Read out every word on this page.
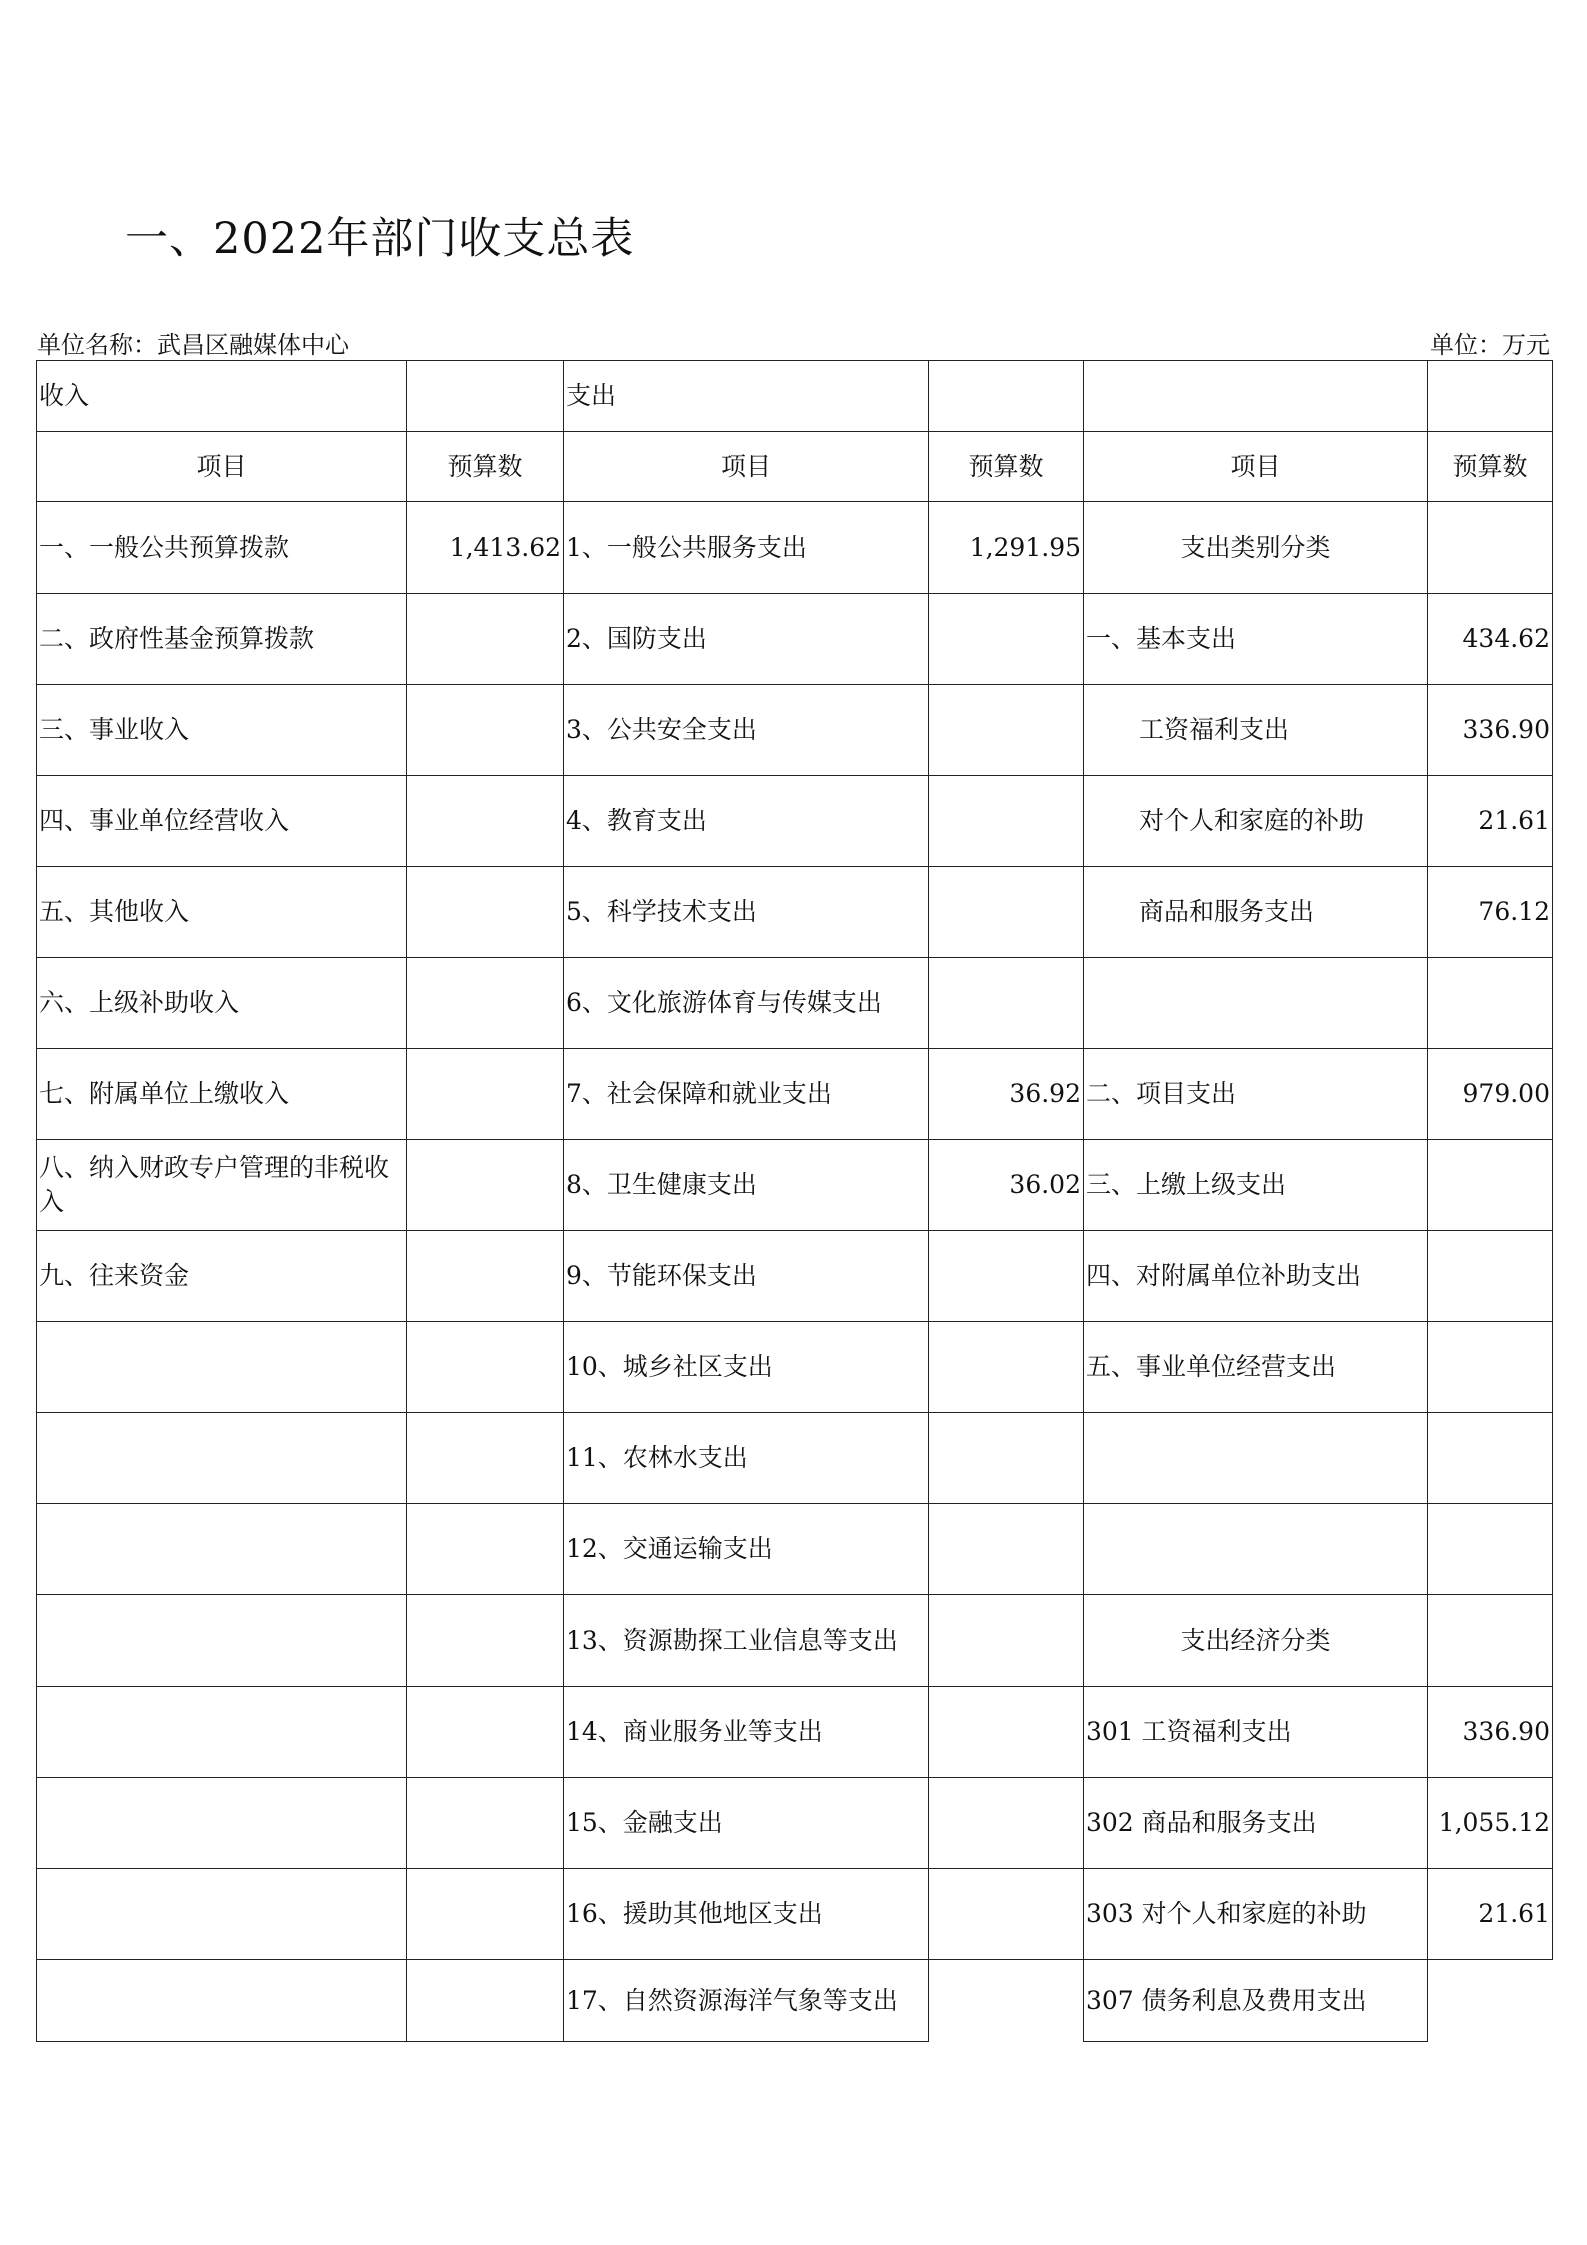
一、2022年部门收支总表
单位名称：武昌区融媒体中心	单位：万元
收入		支出			
项目	预算数	项目	预算数	项目	预算数
一、一般公共预算拨款	1,413.62	1、一般公共服务支出	1,291.95	支出类别分类	
二、政府性基金预算拨款		2、国防支出		一、基本支出	434.62
三、事业收入		3、公共安全支出		工资福利支出	336.90
四、事业单位经营收入		4、教育支出		对个人和家庭的补助	21.61
五、其他收入		5、科学技术支出		商品和服务支出	76.12
六、上级补助收入		6、文化旅游体育与传媒支出			
七、附属单位上缴收入		7、社会保障和就业支出	36.92	二、项目支出	979.00
八、纳入财政专户管理的非税收入		8、卫生健康支出	36.02	三、上缴上级支出	
九、往来资金		9、节能环保支出		四、对附属单位补助支出	
		10、城乡社区支出		五、事业单位经营支出	
		11、农林水支出			
		12、交通运输支出			
		13、资源勘探工业信息等支出		支出经济分类	
		14、商业服务业等支出		301 工资福利支出	336.90
		15、金融支出		302 商品和服务支出	1,055.12
		16、援助其他地区支出		303 对个人和家庭的补助	21.61
		17、自然资源海洋气象等支出		307 债务利息及费用支出	
